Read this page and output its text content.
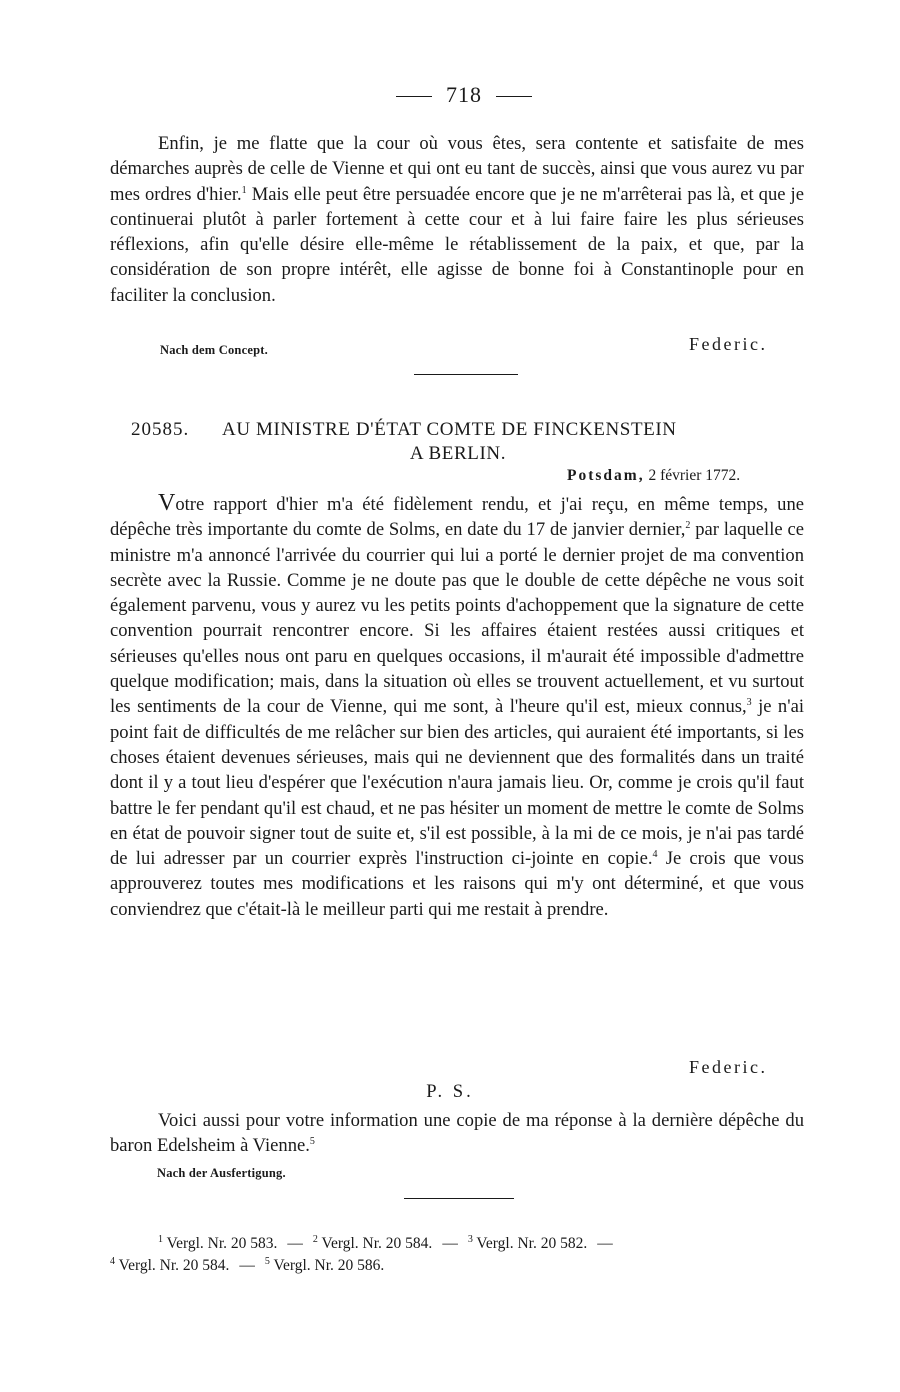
718

Enfin, je me flatte que la cour où vous êtes, sera contente et satisfaite de mes démarches auprès de celle de Vienne et qui ont eu tant de succès, ainsi que vous aurez vu par mes ordres d'hier.$^1$ Mais elle peut être persuadée encore que je ne m'arrêterai pas là, et que je continuerai plutôt à parler fortement à cette cour et à lui faire faire les plus sérieuses réflexions, afin qu'elle désire elle-même le rétablissement de la paix, et que, par la considération de son propre intérêt, elle agisse de bonne foi à Constantinople pour en faciliter la conclusion.

Nach dem Concept.	Federic.
20585. AU MINISTRE D'ÉTAT COMTE DE FINCKENSTEIN
A BERLIN.
Potsdam, 2 février 1772.

Votre rapport d'hier m'a été fidèlement rendu, et j'ai reçu, en même temps, une dépêche très importante du comte de Solms, en date du 17 de janvier dernier,$^2$ par laquelle ce ministre m'a annoncé l'arrivée du courrier qui lui a porté le dernier projet de ma convention secrète avec la Russie. Comme je ne doute pas que le double de cette dépêche ne vous soit également parvenu, vous y aurez vu les petits points d'achoppement que la signature de cette convention pourrait rencontrer encore. Si les affaires étaient restées aussi critiques et sérieuses qu'elles nous ont paru en quelques occasions, il m'aurait été impossible d'admettre quelque modification; mais, dans la situation où elles se trouvent actuellement, et vu surtout les sentiments de la cour de Vienne, qui me sont, à l'heure qu'il est, mieux connus,$^3$ je n'ai point fait de difficultés de me relâcher sur bien des articles, qui auraient été importants, si les choses étaient devenues sérieuses, mais qui ne deviennent que des formalités dans un traité dont il y a tout lieu d'espérer que l'exécution n'aura jamais lieu. Or, comme je crois qu'il faut battre le fer pendant qu'il est chaud, et ne pas hésiter un moment de mettre le comte de Solms en état de pouvoir signer tout de suite et, s'il est possible, à la mi de ce mois, je n'ai pas tardé de lui adresser par un courrier exprès l'instruction ci-jointe en copie.$^4$ Je crois que vous approuverez toutes mes modifications et les raisons qui m'y ont déterminé, et que vous conviendrez que c'était-là le meilleur parti qui me restait à prendre.

Federic.
P. S.

Voici aussi pour votre information une copie de ma réponse à la dernière dépêche du baron Edelsheim à Vienne.$^5$

Nach der Ausfertigung.
$^1$ Vergl. Nr. 20 583. — $^2$ Vergl. Nr. 20 584. — $^3$ Vergl. Nr. 20 582. —
$^4$ Vergl. Nr. 20 584. — $^5$ Vergl. Nr. 20 586.
